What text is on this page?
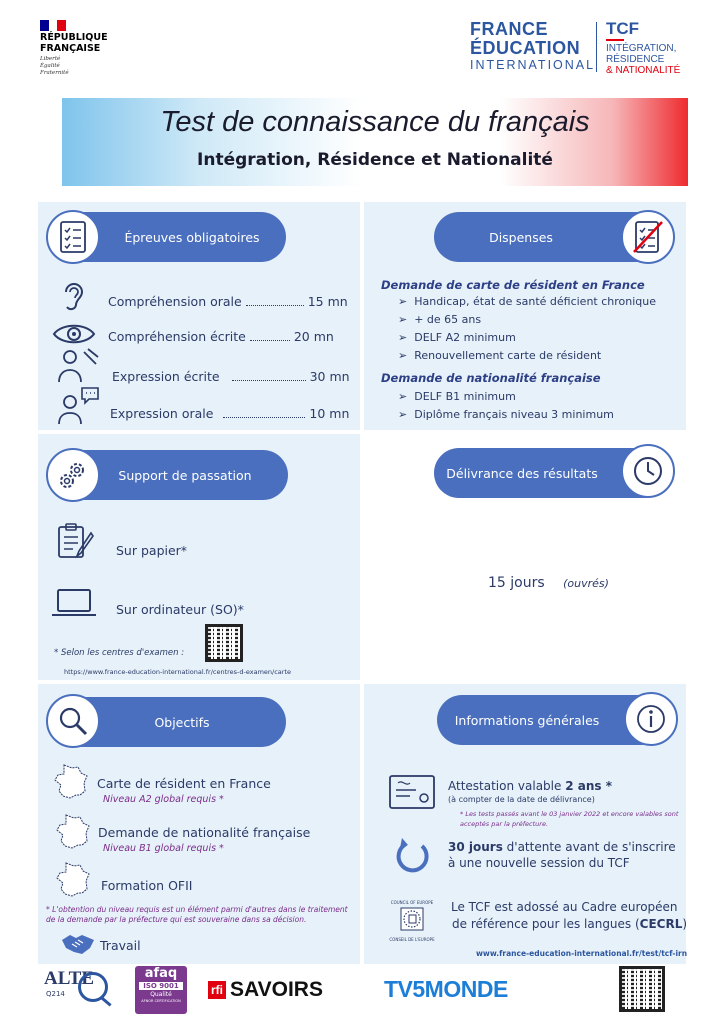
RÉPUBLIQUE FRANÇAISE
Liberté
Égalité
Fraternité
FRANCE
ÉDUCATION
INTERNATIONAL
TCF
INTÉGRATION,
RÉSIDENCE
& NATIONALITÉ
Test de connaissance du français
Intégration, Résidence et Nationalité
Épreuves obligatoires
Compréhension orale	15 mn
Compréhension écrite	20 mn
Expression écrite	30 mn
Expression orale	10 mn
Dispenses
Demande de carte de résident en France
➢  Handicap, état de santé déficient chronique
➢  + de 65 ans
➢  DELF A2 minimum
➢  Renouvellement carte de résident
Demande de nationalité française
➢  DELF B1 minimum
➢  Diplôme français niveau 3 minimum
Support de passation
Sur papier*
Sur ordinateur (SO)*
* Selon les centres d'examen :
https://www.france-education-international.fr/centres-d-examen/carte
Délivrance des résultats
15 jours (ouvrés)
Objectifs
Carte de résident en France
Niveau A2 global requis *
Demande de nationalité française
Niveau B1 global requis *
Formation OFII
* L'obtention du niveau requis est un élément parmi d'autres dans le traitement de la demande par la préfecture qui est souveraine dans sa décision.
Travail
Informations générales
Attestation valable 2 ans *
(à compter de la date de délivrance)
* Les tests passés avant le 03 janvier 2022 et encore valables sont acceptés par la préfecture.
30 jours d'attente avant de s'inscrire
à une nouvelle session du TCF
COUNCIL OF EUROPE
CONSEIL DE L'EUROPE
Le TCF est adossé au Cadre européen
de référence pour les langues (CECRL)
www.france-education-international.fr/test/tcf-irn
ALTE
Q214
afaq
ISO 9001
Qualité
AFNOR CERTIFICATION
rfi SAVOIRS	TV5MONDE
